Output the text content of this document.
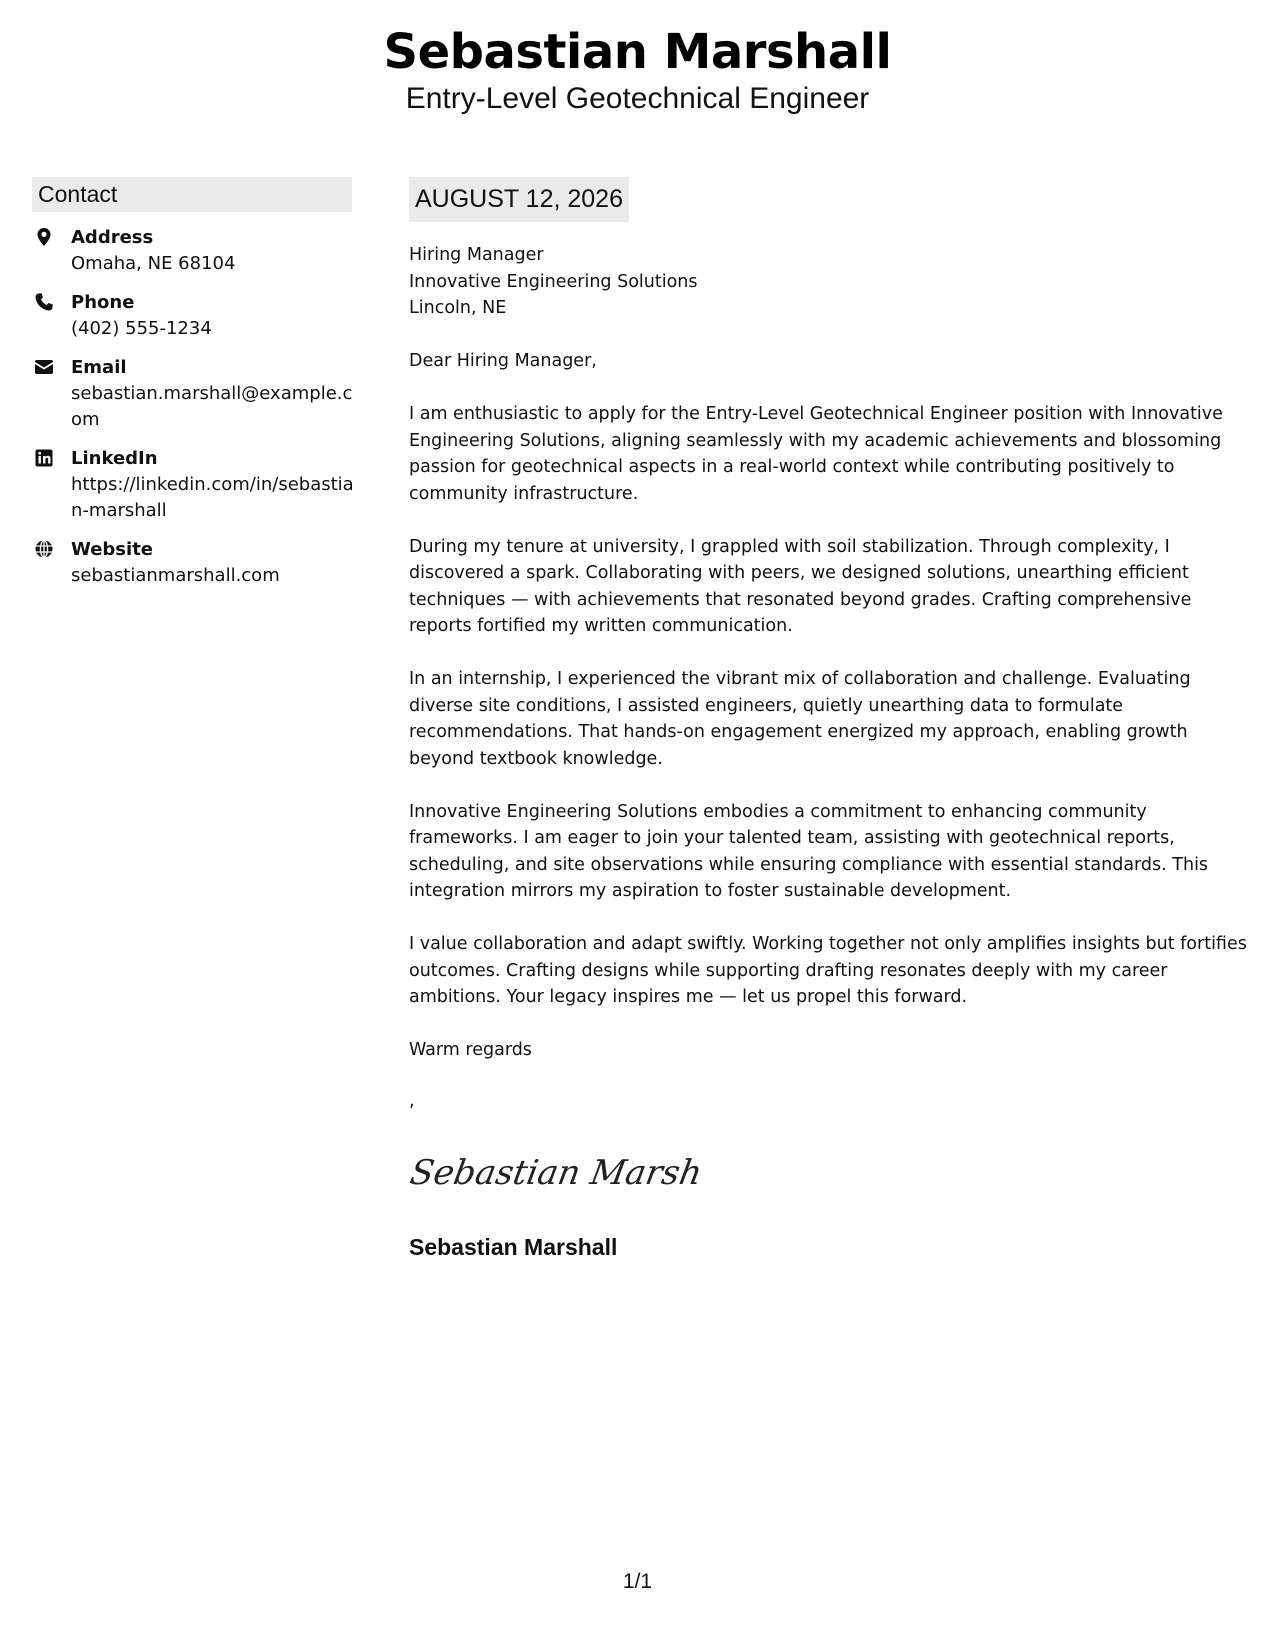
Sebastian Marshall
Entry-Level Geotechnical Engineer
Contact
Address
Omaha, NE 68104
Phone
(402) 555-1234
Email
sebastian.marshall@example.com
LinkedIn
https://linkedin.com/in/sebastian-marshall
Website
sebastianmarshall.com
AUGUST 12, 2026

Hiring Manager
Innovative Engineering Solutions
Lincoln, NE

Dear Hiring Manager,

I am enthusiastic to apply for the Entry-Level Geotechnical Engineer position with Innovative Engineering Solutions, aligning seamlessly with my academic achievements and blossoming passion for geotechnical aspects in a real-world context while contributing positively to community infrastructure.

During my tenure at university, I grappled with soil stabilization. Through complexity, I discovered a spark. Collaborating with peers, we designed solutions, unearthing efficient techniques — with achievements that resonated beyond grades. Crafting comprehensive reports fortified my written communication.

In an internship, I experienced the vibrant mix of collaboration and challenge. Evaluating diverse site conditions, I assisted engineers, quietly unearthing data to formulate recommendations. That hands-on engagement energized my approach, enabling growth beyond textbook knowledge.

Innovative Engineering Solutions embodies a commitment to enhancing community frameworks. I am eager to join your talented team, assisting with geotechnical reports, scheduling, and site observations while ensuring compliance with essential standards. This integration mirrors my aspiration to foster sustainable development.

I value collaboration and adapt swiftly. Working together not only amplifies insights but fortifies outcomes. Crafting designs while supporting drafting resonates deeply with my career ambitions. Your legacy inspires me — let us propel this forward.

Warm regards

,
Sebastian Marsh
Sebastian Marshall
1/1
